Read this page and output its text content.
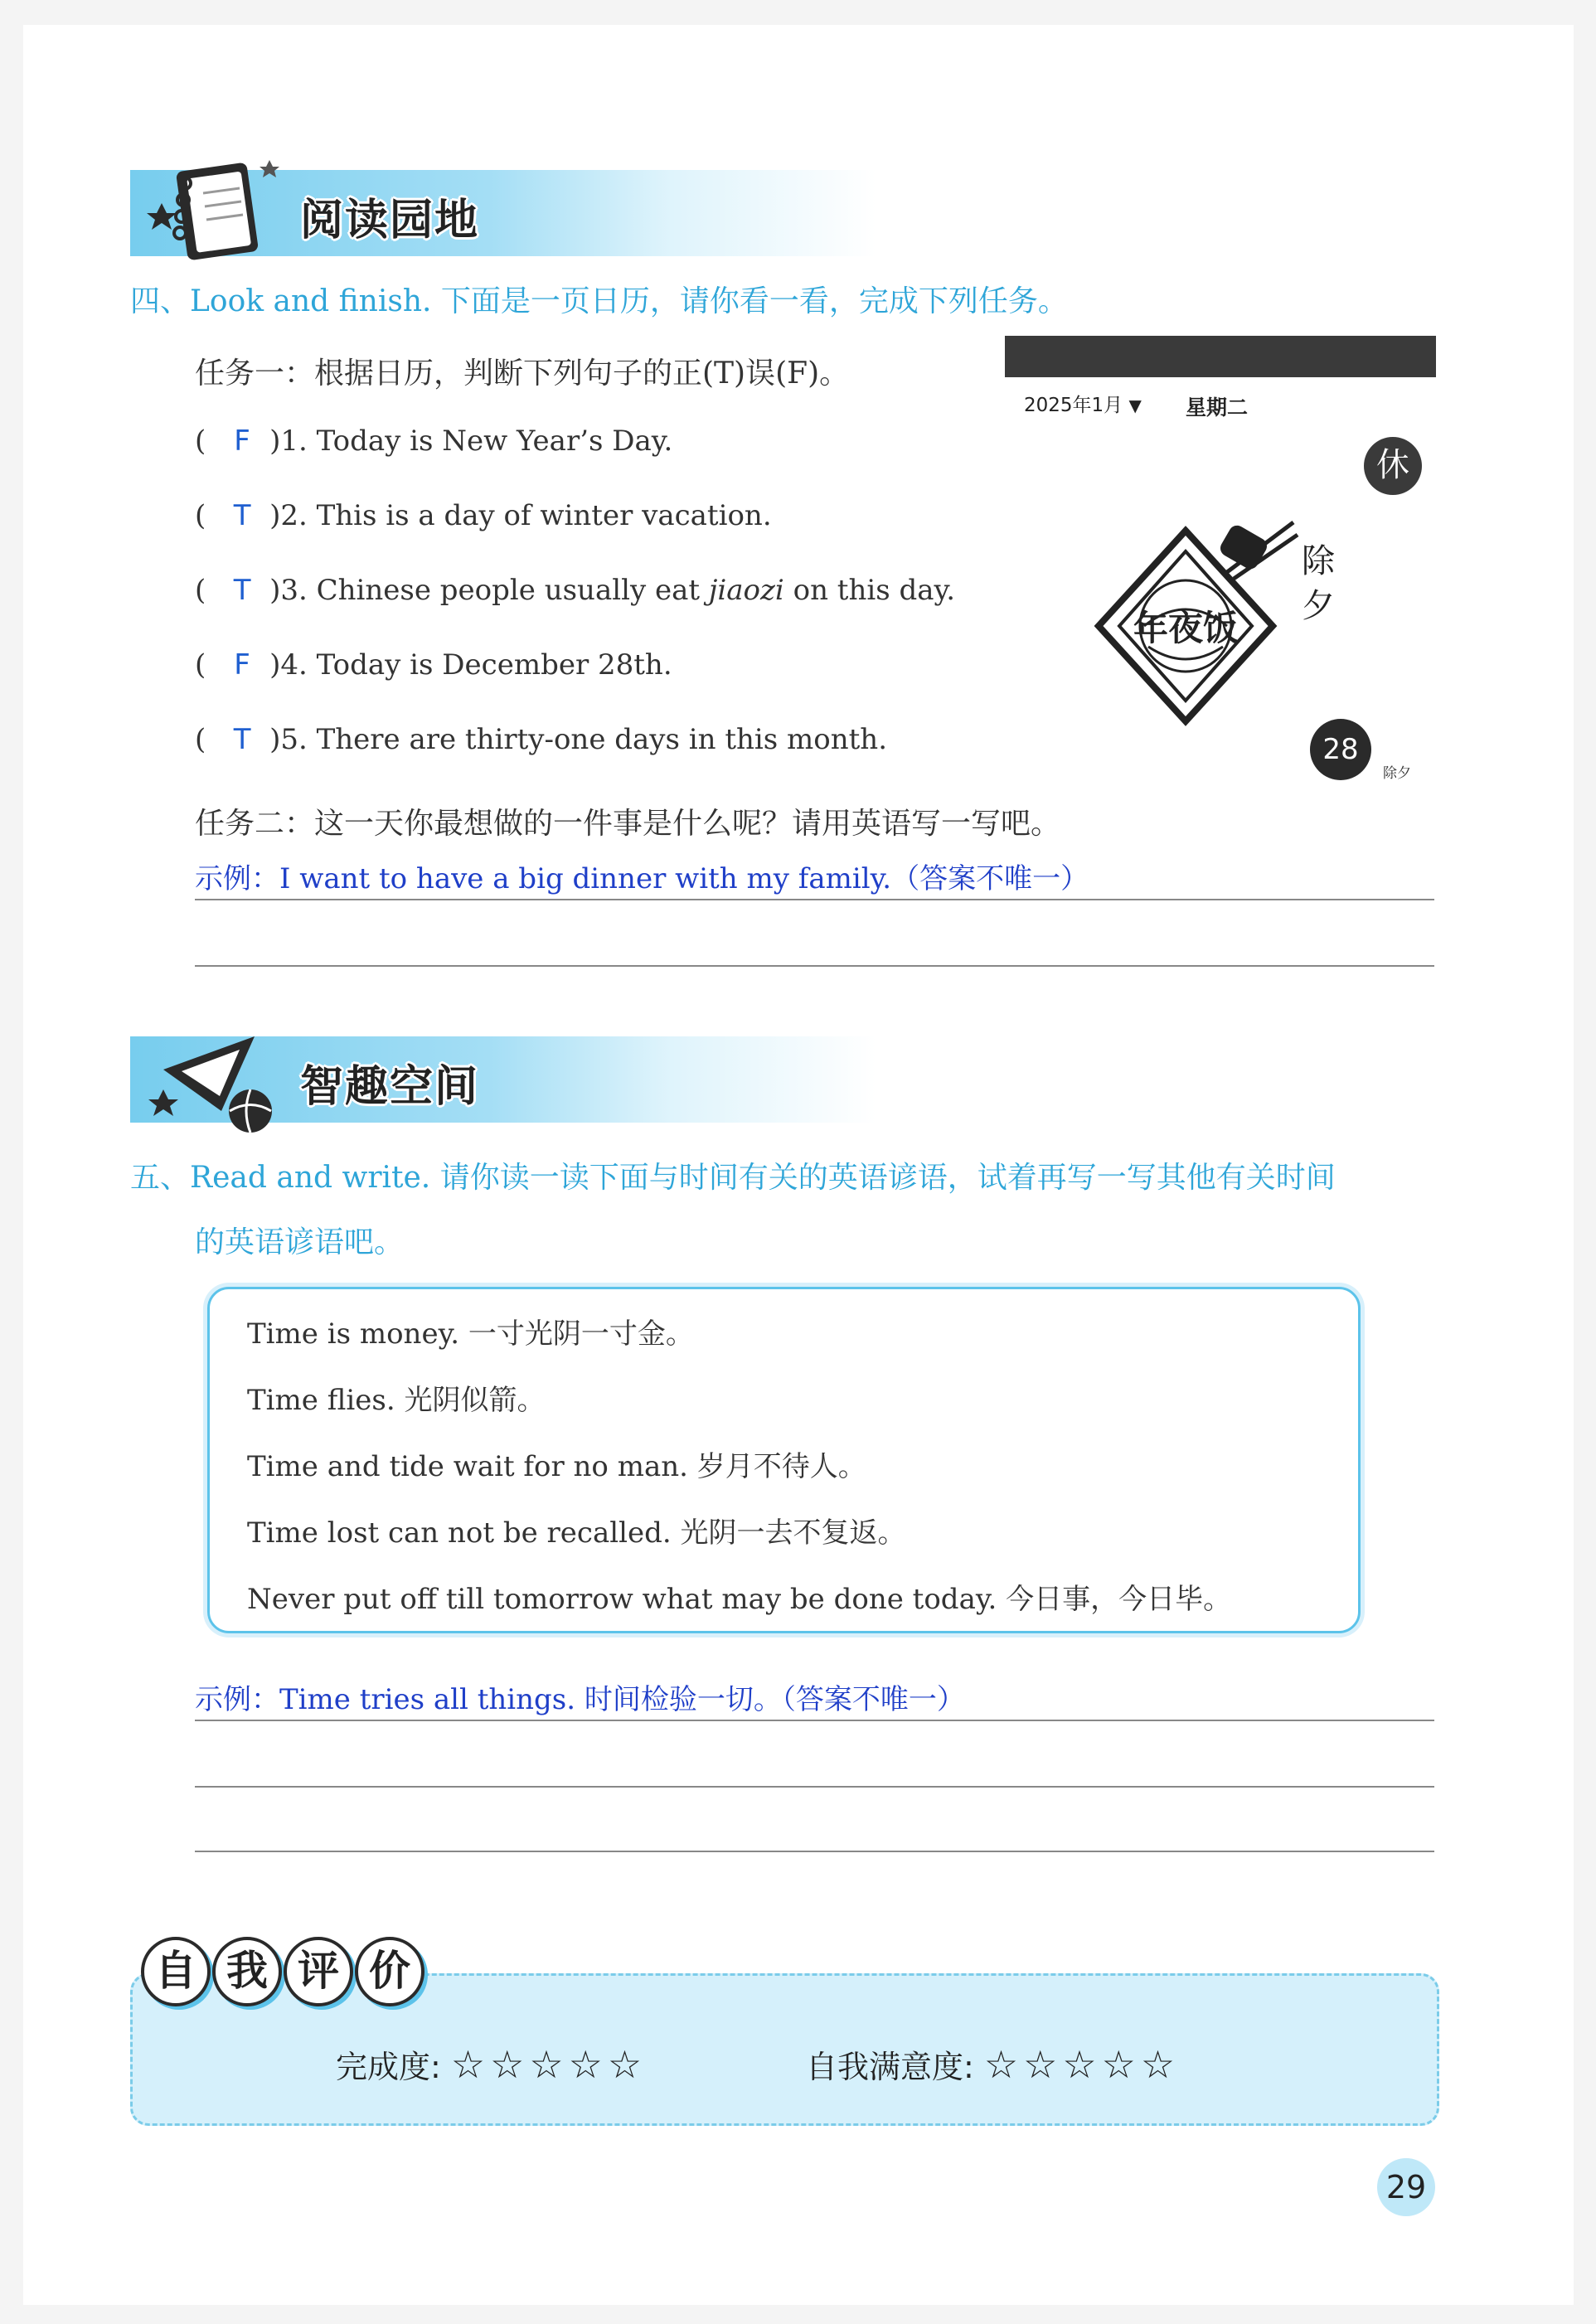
阅读园地
四、Look and finish. 下面是一页日历，请你看一看，完成下列任务。
任务一：根据日历，判断下列句子的正(T)误(F)。
( F )1. Today is New Year’s Day.
( T )2. This is a day of winter vacation.
( T )3. Chinese people usually eat jiaozi on this day.
( F )4. Today is December 28th.
( T )5. There are thirty-one days in this month.
2025年1月 ▼ 星期二
休
年夜饭
除夕
28
除夕
任务二：这一天你最想做的一件事是什么呢？请用英语写一写吧。
示例：I want to have a big dinner with my family.（答案不唯一）
智趣空间
五、Read and write. 请你读一读下面与时间有关的英语谚语，试着再写一写其他有关时间
的英语谚语吧。
Time is money. 一寸光阴一寸金。
Time flies. 光阴似箭。
Time and tide wait for no man. 岁月不待人。
Time lost can not be recalled. 光阴一去不复返。
Never put off till tomorrow what may be done today. 今日事，今日毕。
示例：Time tries all things. 时间检验一切。（答案不唯一）
自 我 评 价
完成度: ☆☆☆☆☆	自我满意度: ☆☆☆☆☆
29
